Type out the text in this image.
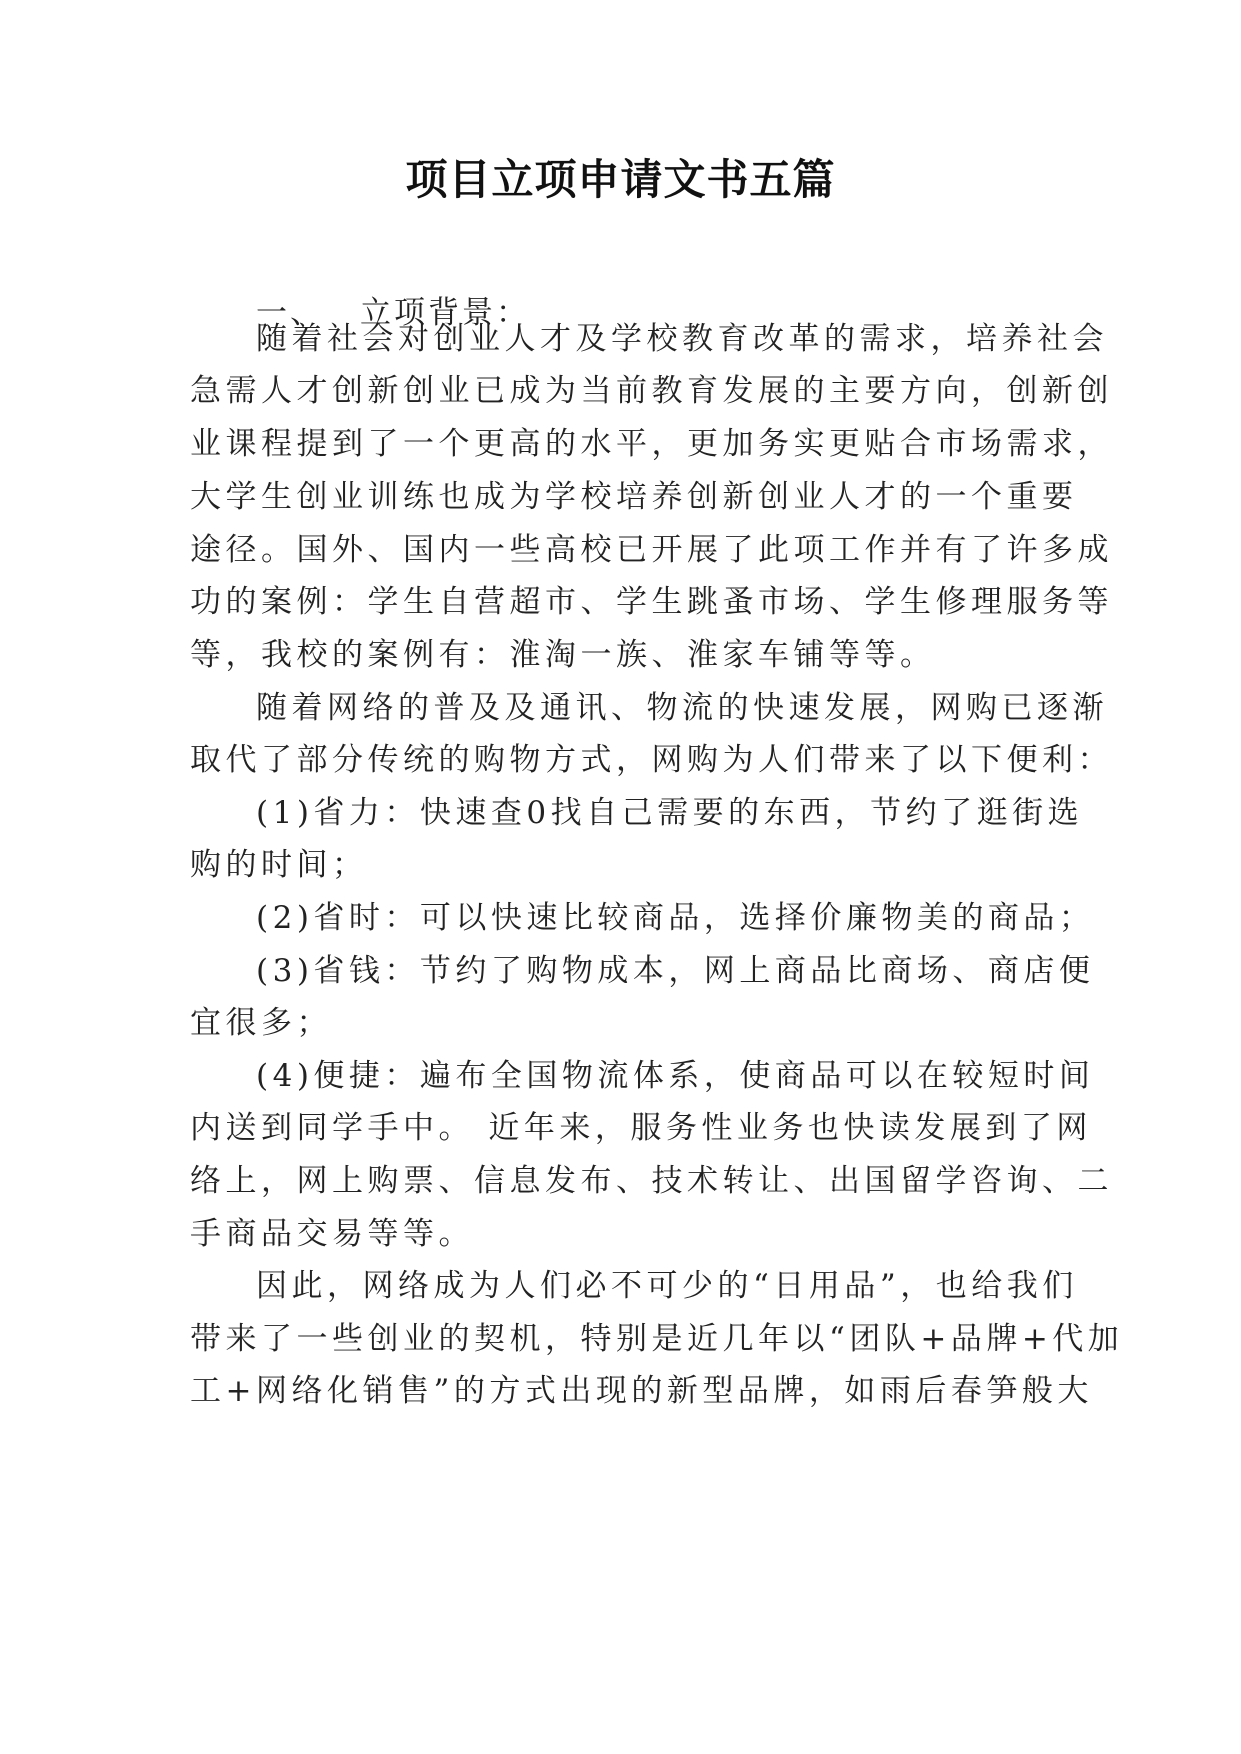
项目立项申请文书五篇
一、 立项背景：
随着社会对创业人才及学校教育改革的需求，培养社会
急需人才创新创业已成为当前教育发展的主要方向，创新创
业课程提到了一个更高的水平，更加务实更贴合市场需求，
大学生创业训练也成为学校培养创新创业人才的一个重要
途径。国外、国内一些高校已开展了此项工作并有了许多成
功的案例：学生自营超市、学生跳蚤市场、学生修理服务等
等，我校的案例有：淮淘一族、淮家车铺等等。
随着网络的普及及通讯、物流的快速发展，网购已逐渐
取代了部分传统的购物方式，网购为人们带来了以下便利：
(1)省力：快速查0找自己需要的东西，节约了逛街选
购的时间；
(2)省时：可以快速比较商品，选择价廉物美的商品；
(3)省钱：节约了购物成本，网上商品比商场、商店便
宜很多；
(4)便捷：遍布全国物流体系，使商品可以在较短时间
内送到同学手中。 近年来，服务性业务也快读发展到了网
络上，网上购票、信息发布、技术转让、出国留学咨询、二
手商品交易等等。
因此，网络成为人们必不可少的“日用品”，也给我们
带来了一些创业的契机，特别是近几年以“团队+品牌+代加
工+网络化销售”的方式出现的新型品牌，如雨后春笋般大
